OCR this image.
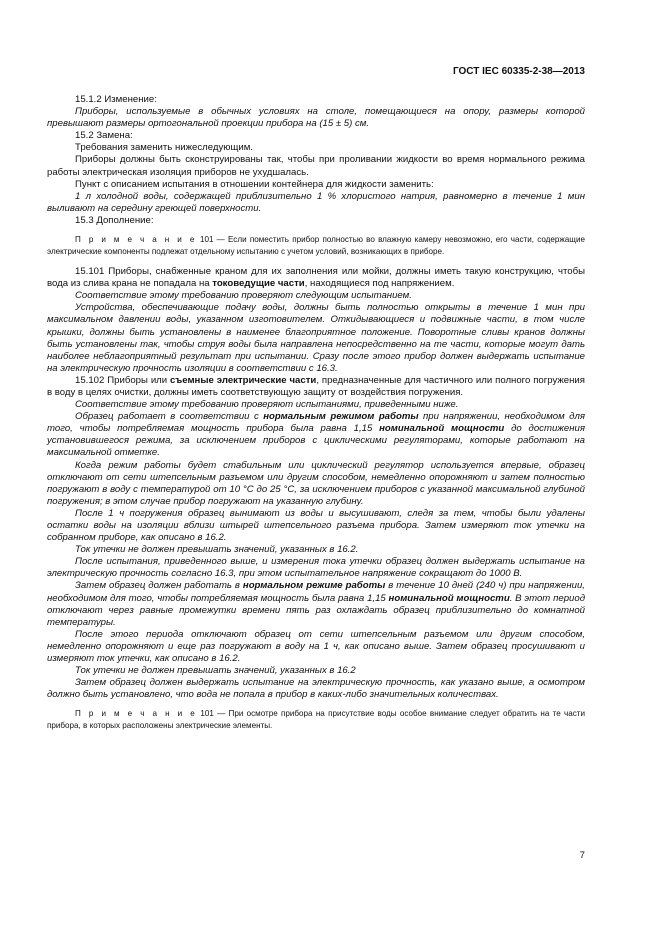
ГОСТ IEC 60335-2-38—2013

15.1.2 Изменение:

Приборы, используемые в обычных условиях на столе, помещающиеся на опору, размеры которой превышают размеры ортогональной проекции прибора на (15 ± 5) см.

15.2 Замена:

Требования заменить нижеследующим.

Приборы должны быть сконструированы так, чтобы при проливании жидкости во время нормального режима работы электрическая изоляция приборов не ухудшалась.

Пункт с описанием испытания в отношении контейнера для жидкости заменить:

1 л холодной воды, содержащей приблизительно 1 % хлористого натрия, равномерно в течение 1 мин выливают на середину греющей поверхности.

15.3 Дополнение:

П р и м е ч а н и е 101 — Если поместить прибор полностью во влажную камеру невозможно, его части, содержащие электрические компоненты подлежат отдельному испытанию с учетом условий, возникающих в приборе.

15.101 Приборы, снабженные краном для их заполнения или мойки, должны иметь такую конструкцию, чтобы вода из слива крана не попадала на токоведущие части, находящиеся под напряжением.

Соответствие этому требованию проверяют следующим испытанием.

Устройства, обеспечивающие подачу воды, должны быть полностью открыты в течение 1 мин при максимальном давлении воды, указанном изготовителем. Откидывающиеся и подвижные части, в том числе крышки, должны быть установлены в наименее благоприятное положение. Поворотные сливы кранов должны быть установлены так, чтобы струя воды была направлена непосредственно на те части, которые могут дать наиболее неблагоприятный результат при испытании. Сразу после этого прибор должен выдержать испытание на электрическую прочность изоляции в соответствии с 16.3.

15.102 Приборы или съемные электрические части, предназначенные для частичного или полного погружения в воду в целях очистки, должны иметь соответствующую защиту от воздействия погружения.

Соответствие этому требованию проверяют испытаниями, приведенными ниже.

Образец работает в соответствии с нормальным режимом работы при напряжении, необходимом для того, чтобы потребляемая мощность прибора была равна 1,15 номинальной мощности до достижения установившегося режима, за исключением приборов с циклическими регуляторами, которые работают на максимальной отметке.

Когда режим работы будет стабильным или циклический регулятор используется впервые, образец отключают от сети штепсельным разъемом или другим способом, немедленно опорожняют и затем полностью погружают в воду с температурой от 10 °С до 25 °С, за исключением приборов с указанной максимальной глубиной погружения; в этом случае прибор погружают на указанную глубину.

После 1 ч погружения образец вынимают из воды и высушивают, следя за тем, чтобы были удалены остатки воды на изоляции вблизи штырей штепсельного разъема прибора. Затем измеряют ток утечки на собранном приборе, как описано в 16.2.

Ток утечки не должен превышать значений, указанных в 16.2.

После испытания, приведенного выше, и измерения тока утечки образец должен выдержать испытание на электрическую прочность согласно 16.3, при этом испытательное напряжение сокращают до 1000 В.

Затем образец должен работать в нормальном режиме работы в течение 10 дней (240 ч) при напряжении, необходимом для того, чтобы потребляемая мощность была равна 1,15 номинальной мощности. В этот период отключают через равные промежутки времени пять раз охлаждать образец приблизительно до комнатной температуры.

После этого периода отключают образец от сети штепсельным разъемом или другим способом, немедленно опорожняют и еще раз погружают в воду на 1 ч, как описано выше. Затем образец просушивают и измеряют ток утечки, как описано в 16.2.

Ток утечки не должен превышать значений, указанных в 16.2

Затем образец должен выдержать испытание на электрическую прочность, как указано выше, а осмотром должно быть установлено, что вода не попала в прибор в каких-либо значительных количествах.

П р и м е ч а н и е 101 — При осмотре прибора на присутствие воды особое внимание следует обратить на те части прибора, в которых расположены электрические элементы.

7
